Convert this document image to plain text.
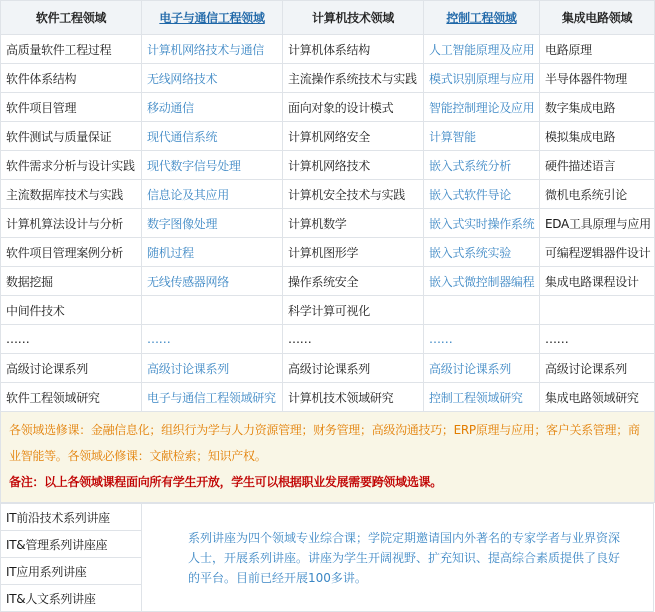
软件工程领域	电子与通信工程领域	计算机技术领域	控制工程领域	集成电路领域
高质量软件工程过程	计算机网络技术与通信	计算机体系结构	人工智能原理及应用	电路原理
软件体系结构	无线网络技术	主流操作系统技术与实践	模式识别原理与应用	半导体器件物理
软件项目管理	移动通信	面向对象的设计模式	智能控制理论及应用	数字集成电路
软件测试与质量保证	现代通信系统	计算机网络安全	计算智能	模拟集成电路
软件需求分析与设计实践	现代数字信号处理	计算机网络技术	嵌入式系统分析	硬件描述语言
主流数据库技术与实践	信息论及其应用	计算机安全技术与实践	嵌入式软件导论	微机电系统引论
计算机算法设计与分析	数字图像处理	计算机数学	嵌入式实时操作系统	EDA工具原理与应用
软件项目管理案例分析	随机过程	计算机图形学	嵌入式系统实验	可编程逻辑器件设计
数据挖掘	无线传感器网络	操作系统安全	嵌入式微控制器编程	集成电路课程设计
中间件技术		科学计算可视化		
……	……	……	……	……
高级讨论课系列	高级讨论课系列	高级讨论课系列	高级讨论课系列	高级讨论课系列
软件工程领域研究	电子与通信工程领域研究	计算机技术领域研究	控制工程领域研究	集成电路领域研究

各领域选修课：金融信息化；组织行为学与人力资源管理；财务管理；高级沟通技巧；ERP原理与应用；客户关系管理；商业智能等。各领域必修课：文献检索；知识产权。
备注：以上各领域课程面向所有学生开放，学生可以根据职业发展需要跨领域选课。				
IT前沿技术系列讲座	系列讲座为四个领域专业综合课；学院定期邀请国内外著名的专家学者与业界资深人士，开展系列讲座。讲座为学生开阔视野、扩充知识、提高综合素质提供了良好的平台。目前已经开展100多讲。
IT&管理系列讲座座
IT应用系列讲座
IT&人文系列讲座
